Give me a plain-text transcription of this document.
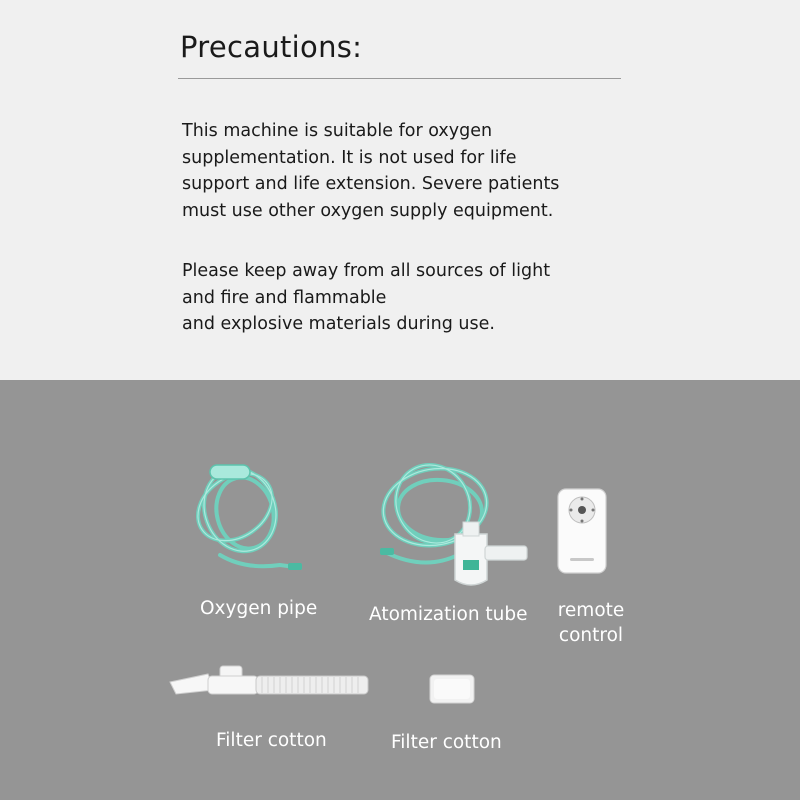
Precautions:
This machine is suitable for oxygen
supplementation. It is not used for life
support and life extension. Severe patients
must use other oxygen supply equipment.
Please keep away from all sources of light
and fire and flammable
and explosive materials during use.
Oxygen pipe	Atomization tube remote
control
Filter cotton	Filter cotton
